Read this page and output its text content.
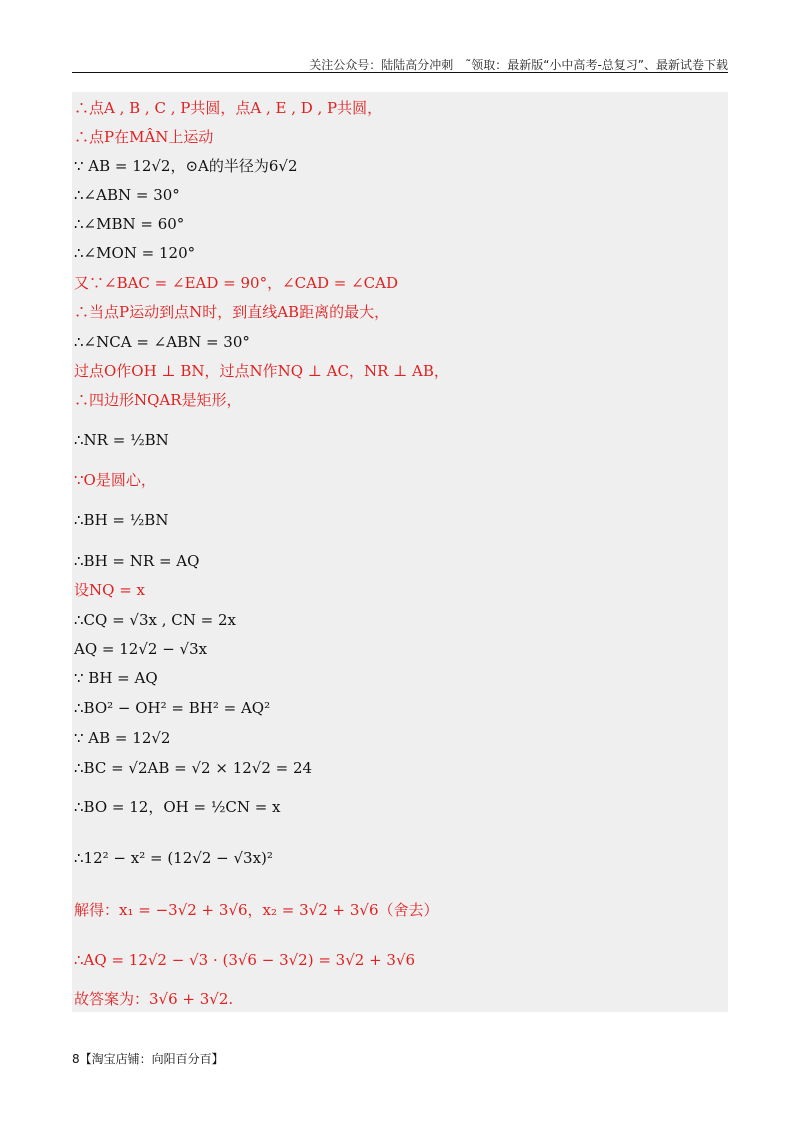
关注公众号：陆陆高分冲刺　˜领取：最新版“小中高考-总复习”、最新试卷下载
∴点A , B , C , P共圆，点A , E , D , P共圆，
∴点P在MÂN上运动
∵ AB = 12√2，⊙A的半径为6√2
∴∠ABN = 30°
∴∠MBN = 60°
∴∠MON = 120°
又∵∠BAC = ∠EAD = 90°，∠CAD = ∠CAD
∴当点P运动到点N时，到直线AB距离的最大，
∴∠NCA = ∠ABN = 30°
过点O作OH ⊥ BN，过点N作NQ ⊥ AC，NR ⊥ AB，
∴四边形NQAR是矩形，
∴NR = ½BN
∵O是圆心，
∴BH = ½BN
∴BH = NR = AQ
设NQ = x
∴CQ = √3x , CN = 2x
AQ = 12√2 − √3x
∵ BH = AQ
∴BO² − OH² = BH² = AQ²
∵ AB = 12√2
∴BC = √2AB = √2 × 12√2 = 24
∴BO = 12，OH = ½CN = x
∴12² − x² = (12√2 − √3x)²
解得：x₁ = −3√2 + 3√6，x₂ = 3√2 + 3√6（舍去）
∴AQ = 12√2 − √3 · (3√6 − 3√2) = 3√2 + 3√6
故答案为：3√6 + 3√2.
8【淘宝店铺：向阳百分百】
